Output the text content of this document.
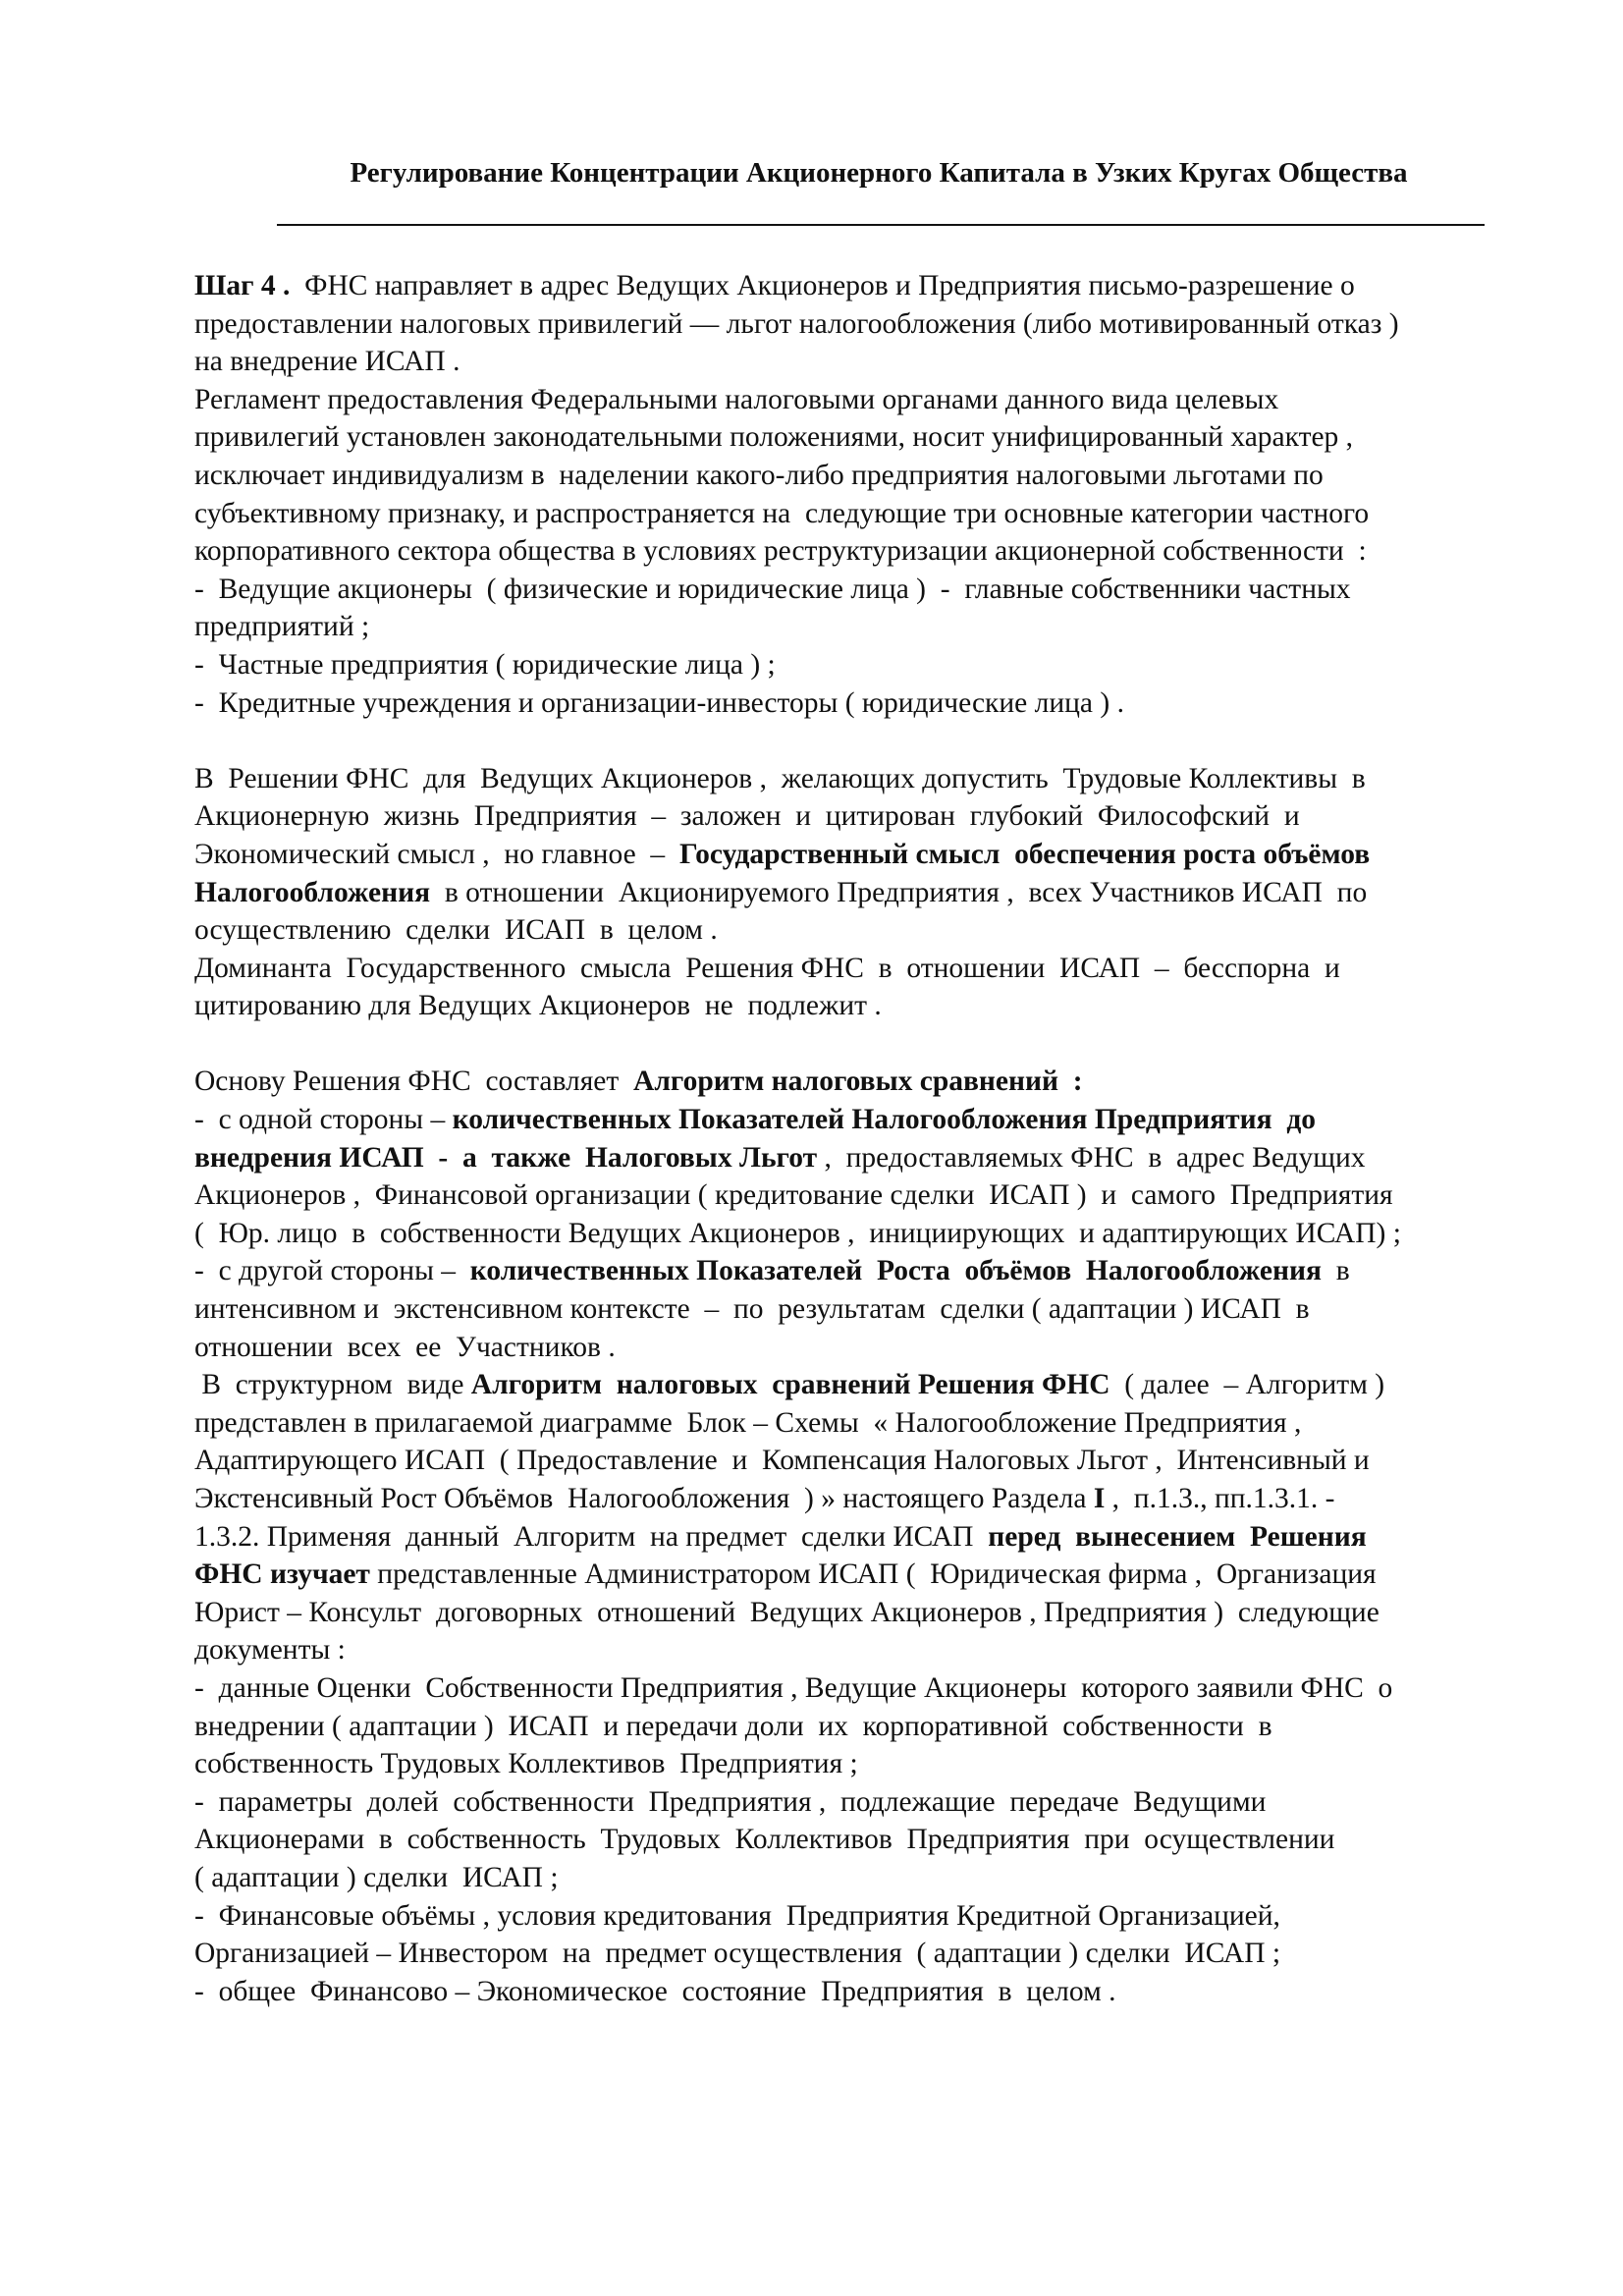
Регулирование Концентрации Акционерного Капитала в Узких Кругах Общества

Шаг 4 .  ФНС направляет в адрес Ведущих Акционеров и Предприятия письмо-разрешение о

предоставлении налоговых привилегий — льгот налогообложения (либо мотивированный отказ )

на внедрение ИСАП .

Регламент предоставления Федеральными налоговыми органами данного вида целевых

привилегий установлен законодательными положениями, носит унифицированный характер ,

исключает индивидуализм в  наделении какого-либо предприятия налоговыми льготами по

субъективному признаку, и распространяется на  следующие три основные категории частного

корпоративного сектора общества в условиях реструктуризации акционерной собственности  :

-  Ведущие акционеры  ( физические и юридические лица )  -  главные собственники частных

предприятий ;

-  Частные предприятия ( юридические лица ) ;

-  Кредитные учреждения и организации-инвесторы ( юридические лица ) .

В  Решении ФНС  для  Ведущих Акционеров ,  желающих допустить  Трудовые Коллективы  в

Акционерную  жизнь  Предприятия  –  заложен  и  цитирован  глубокий  Философский  и

Экономический смысл ,  но главное  –  Государственный смысл  обеспечения роста объёмов

Налогообложения  в отношении  Акционируемого Предприятия ,  всех Участников ИСАП  по

осуществлению  сделки  ИСАП  в  целом .

Доминанта  Государственного  смысла  Решения ФНС  в  отношении  ИСАП  –  бесспорна  и

цитированию для Ведущих Акционеров  не  подлежит .

Основу Решения ФНС  составляет  Алгоритм налоговых сравнений  :

-  с одной стороны – количественных Показателей Налогообложения Предприятия  до

внедрения ИСАП  -  а  также  Налоговых Льгот ,  предоставляемых ФНС  в  адрес Ведущих

Акционеров ,  Финансовой организации ( кредитование сделки  ИСАП )  и  самого  Предприятия

(  Юр. лицо  в  собственности Ведущих Акционеров ,  инициирующих  и адаптирующих ИСАП) ;

-  с другой стороны –  количественных Показателей  Роста  объёмов  Налогообложения  в

интенсивном и  экстенсивном контексте  –  по  результатам  сделки ( адаптации ) ИСАП  в

отношении  всех  ее  Участников .

В  структурном  виде Алгоритм  налоговых  сравнений Решения ФНС  ( далее  – Алгоритм )

представлен в прилагаемой диаграмме  Блок – Схемы  « Налогообложение Предприятия ,

Адаптирующего ИСАП  ( Предоставление  и  Компенсация Налоговых Льгот ,  Интенсивный и

Экстенсивный Рост Объёмов  Налогообложения  ) » настоящего Раздела I ,  п.1.3., пп.1.3.1. -

1.3.2. Применяя  данный  Алгоритм  на предмет  сделки ИСАП  перед  вынесением  Решения

ФНС изучает представленные Администратором ИСАП (  Юридическая фирма ,  Организация

Юрист – Консульт  договорных  отношений  Ведущих Акционеров , Предприятия )  следующие

документы :

-  данные Оценки  Собственности Предприятия , Ведущие Акционеры  которого заявили ФНС  о

внедрении ( адаптации )  ИСАП  и передачи доли  их  корпоративной  собственности  в

собственность Трудовых Коллективов  Предприятия ;

-  параметры  долей  собственности  Предприятия ,  подлежащие  передаче  Ведущими

Акционерами  в  собственность  Трудовых  Коллективов  Предприятия  при  осуществлении

( адаптации ) сделки  ИСАП ;

-  Финансовые объёмы , условия кредитования  Предприятия Кредитной Организацией,

Организацией – Инвестором  на  предмет осуществления  ( адаптации ) сделки  ИСАП ;

-  общее  Финансово – Экономическое  состояние  Предприятия  в  целом .
